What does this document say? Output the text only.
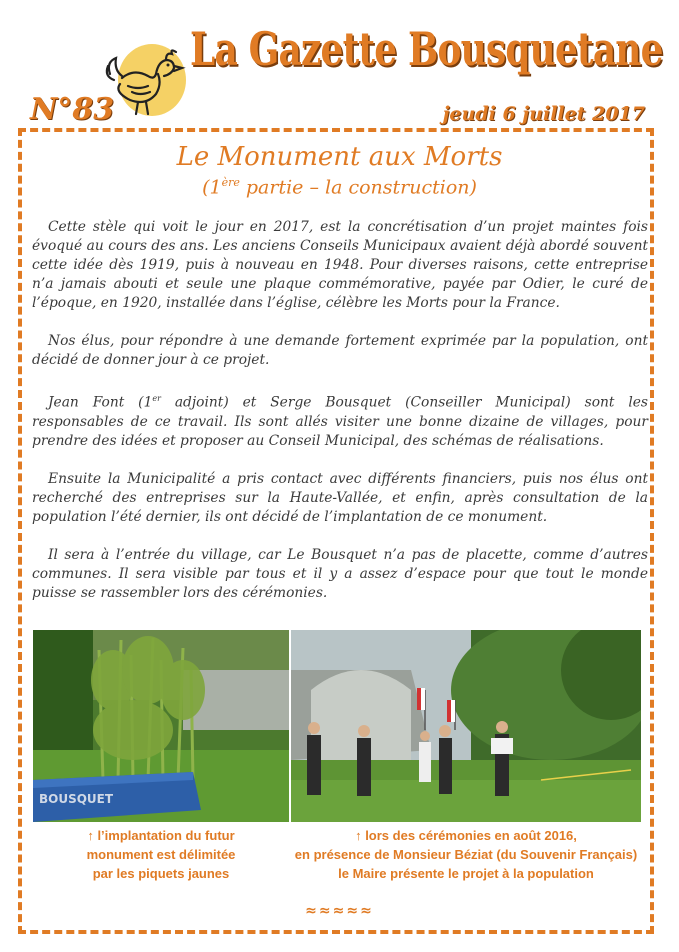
La Gazette Bousquetane
N°83	jeudi 6 juillet 2017
Le Monument aux Morts
(1ère partie – la construction)

Cette stèle qui voit le jour en 2017, est la concrétisation d’un projet maintes fois évoqué au cours des ans. Les anciens Conseils Municipaux avaient déjà abordé souvent cette idée dès 1919, puis à nouveau en 1948. Pour diverses raisons, cette entreprise n’a jamais abouti et seule une plaque commémorative, payée par Odier, le curé de l’époque, en 1920, installée dans l’église, célèbre les Morts pour la France.

Nos élus, pour répondre à une demande fortement exprimée par la population, ont décidé de donner jour à ce projet.

Jean Font (1er adjoint) et Serge Bousquet (Conseiller Municipal) sont les responsables de ce travail. Ils sont allés visiter une bonne dizaine de villages, pour prendre des idées et proposer au Conseil Municipal, des schémas de réalisations.

Ensuite la Municipalité a pris contact avec différents financiers, puis nos élus ont recherché des entreprises sur la Haute-Vallée, et enfin, après consultation de la population l’été dernier, ils ont décidé de l’implantation de ce monument.

Il sera à l’entrée du village, car Le Bousquet n’a pas de placette, comme d’autres communes. Il sera visible par tous et il y a assez d’espace pour que tout le monde puisse se rassembler lors des cérémonies.

BOUSQUET
↑ l’implantation du futur
monument est délimitée
par les piquets jaunes
↑ lors des cérémonies en août 2016,
en présence de Monsieur Béziat (du Souvenir Français)
le Maire présente le projet à la population
≈≈≈≈≈
